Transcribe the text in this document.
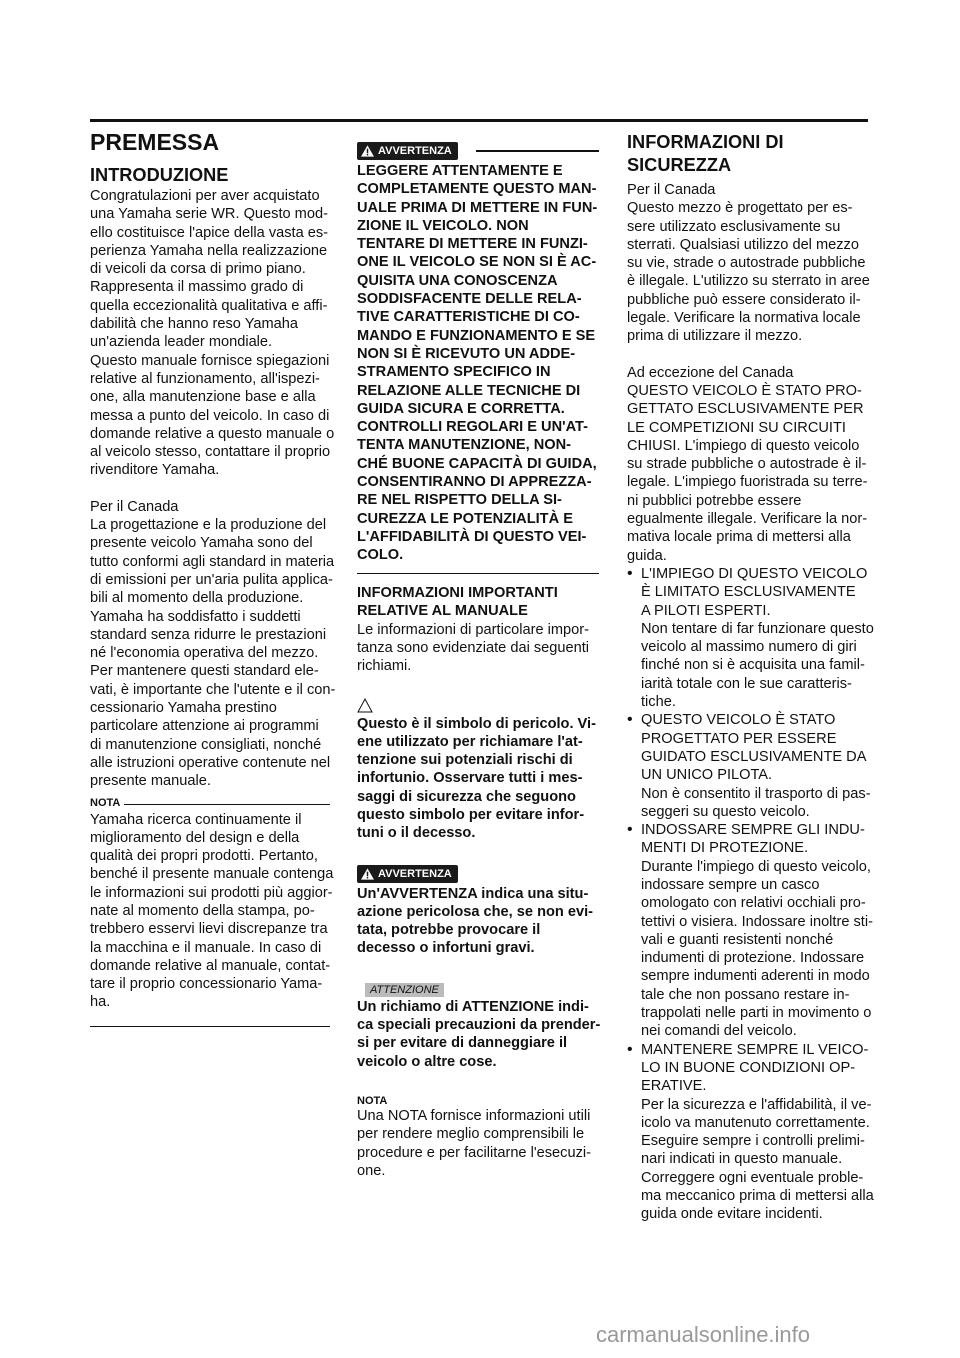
PREMESSA
INTRODUZIONE
Congratulazioni per aver acquistato
una Yamaha serie WR. Questo mod-
ello costituisce l'apice della vasta es-
perienza Yamaha nella realizzazione
di veicoli da corsa di primo piano.
Rappresenta il massimo grado di
quella eccezionalità qualitativa e affi-
dabilità che hanno reso Yamaha
un'azienda leader mondiale.
Questo manuale fornisce spiegazioni
relative al funzionamento, all'ispezi-
one, alla manutenzione base e alla
messa a punto del veicolo. In caso di
domande relative a questo manuale o
al veicolo stesso, contattare il proprio
rivenditore Yamaha.
Per il Canada
La progettazione e la produzione del
presente veicolo Yamaha sono del
tutto conformi agli standard in materia
di emissioni per un'aria pulita applica-
bili al momento della produzione.
Yamaha ha soddisfatto i suddetti
standard senza ridurre le prestazioni
né l'economia operativa del mezzo.
Per mantenere questi standard ele-
vati, è importante che l'utente e il con-
cessionario Yamaha prestino
particolare attenzione ai programmi
di manutenzione consigliati, nonché
alle istruzioni operative contenute nel
presente manuale.
NOTA
Yamaha ricerca continuamente il
miglioramento del design e della
qualità dei propri prodotti. Pertanto,
benché il presente manuale contenga
le informazioni sui prodotti più aggior-
nate al momento della stampa, po-
trebbero esservi lievi discrepanze tra
la macchina e il manuale. In caso di
domande relative al manuale, contat-
tare il proprio concessionario Yama-
ha.
AVVERTENZA
LEGGERE ATTENTAMENTE E
COMPLETAMENTE QUESTO MAN-
UALE PRIMA DI METTERE IN FUN-
ZIONE IL VEICOLO. NON
TENTARE DI METTERE IN FUNZI-
ONE IL VEICOLO SE NON SI È AC-
QUISITA UNA CONOSCENZA
SODDISFACENTE DELLE RELA-
TIVE CARATTERISTICHE DI CO-
MANDO E FUNZIONAMENTO E SE
NON SI È RICEVUTO UN ADDE-
STRAMENTO SPECIFICO IN
RELAZIONE ALLE TECNICHE DI
GUIDA SICURA E CORRETTA.
CONTROLLI REGOLARI E UN'AT-
TENTA MANUTENZIONE, NON-
CHÉ BUONE CAPACITÀ DI GUIDA,
CONSENTIRANNO DI APPREZZA-
RE NEL RISPETTO DELLA SI-
CUREZZA LE POTENZIALITÀ E
L'AFFIDABILITÀ DI QUESTO VEI-
COLO.
INFORMAZIONI IMPORTANTI
RELATIVE AL MANUALE
Le informazioni di particolare impor-
tanza sono evidenziate dai seguenti
richiami.
Questo è il simbolo di pericolo. Vi-
ene utilizzato per richiamare l'at-
tenzione sui potenziali rischi di
infortunio. Osservare tutti i mes-
saggi di sicurezza che seguono
questo simbolo per evitare infor-
tuni o il decesso.
AVVERTENZA
Un'AVVERTENZA indica una situ-
azione pericolosa che, se non evi-
tata, potrebbe provocare il
decesso o infortuni gravi.
ATTENZIONE
Un richiamo di ATTENZIONE indi-
ca speciali precauzioni da prender-
si per evitare di danneggiare il
veicolo o altre cose.
NOTA
Una NOTA fornisce informazioni utili
per rendere meglio comprensibili le
procedure e per facilitarne l'esecuzi-
one.
INFORMAZIONI DI
SICUREZZA
Per il Canada
Questo mezzo è progettato per es-
sere utilizzato esclusivamente su
sterrati. Qualsiasi utilizzo del mezzo
su vie, strade o autostrade pubbliche
è illegale. L'utilizzo su sterrato in aree
pubbliche può essere considerato il-
legale. Verificare la normativa locale
prima di utilizzare il mezzo.
Ad eccezione del Canada
QUESTO VEICOLO È STATO PRO-
GETTATO ESCLUSIVAMENTE PER
LE COMPETIZIONI SU CIRCUITI
CHIUSI. L'impiego di questo veicolo
su strade pubbliche o autostrade è il-
legale. L'impiego fuoristrada su terre-
ni pubblici potrebbe essere
egualmente illegale. Verificare la nor-
mativa locale prima di mettersi alla
guida.
• L'IMPIEGO DI QUESTO VEICOLO
È LIMITATO ESCLUSIVAMENTE
A PILOTI ESPERTI.
Non tentare di far funzionare questo
veicolo al massimo numero di giri
finché non si è acquisita una famil-
iarità totale con le sue caratteris-
tiche.
• QUESTO VEICOLO È STATO
PROGETTATO PER ESSERE
GUIDATO ESCLUSIVAMENTE DA
UN UNICO PILOTA.
Non è consentito il trasporto di pas-
seggeri su questo veicolo.
• INDOSSARE SEMPRE GLI INDU-
MENTI DI PROTEZIONE.
Durante l'impiego di questo veicolo,
indossare sempre un casco
omologato con relativi occhiali pro-
tettivi o visiera. Indossare inoltre sti-
vali e guanti resistenti nonché
indumenti di protezione. Indossare
sempre indumenti aderenti in modo
tale che non possano restare in-
trappolati nelle parti in movimento o
nei comandi del veicolo.
• MANTENERE SEMPRE IL VEICO-
LO IN BUONE CONDIZIONI OP-
ERATIVE.
Per la sicurezza e l'affidabilità, il ve-
icolo va manutenuto correttamente.
Eseguire sempre i controlli prelimi-
nari indicati in questo manuale.
Correggere ogni eventuale proble-
ma meccanico prima di mettersi alla
guida onde evitare incidenti.
carmanualsonline.info
